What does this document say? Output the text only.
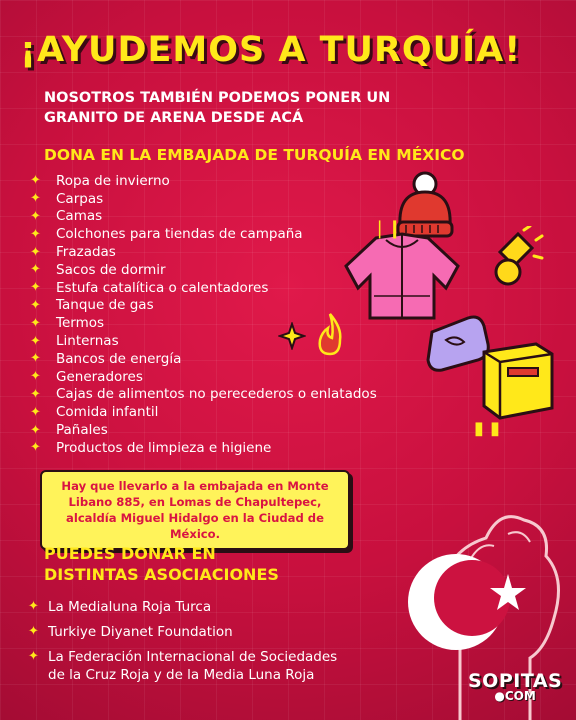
¡AYUDEMOS A TURQUÍA!
NOSOTROS TAMBIÉN PODEMOS PONER UN
GRANITO DE ARENA DESDE ACÁ
DONA EN LA EMBAJADA DE TURQUÍA EN MÉXICO
✦	Ropa de invierno
✦	Carpas
✦	Camas
✦	Colchones para tiendas de campaña
✦	Frazadas
✦	Sacos de dormir
✦	Estufa catalítica o calentadores
✦	Tanque de gas
✦	Termos
✦	Linternas
✦	Bancos de energía
✦	Generadores
✦	Cajas de alimentos no perecederos o enlatados
✦	Comida infantil
✦	Pañales
✦	Productos de limpieza e higiene
❘❙
▮ ▮
Hay que llevarlo a la embajada en Monte Libano 885, en Lomas de Chapultepec, alcaldía Miguel Hidalgo en la Ciudad de México.
PUEDES DONAR EN
DISTINTAS ASOCIACIONES
✦ La Medialuna Roja Turca
✦ Turkiye Diyanet Foundation
✦ La Federación Internacional de Sociedades
de la Cruz Roja y de la Media Luna Roja	SOPITAS
●COM
